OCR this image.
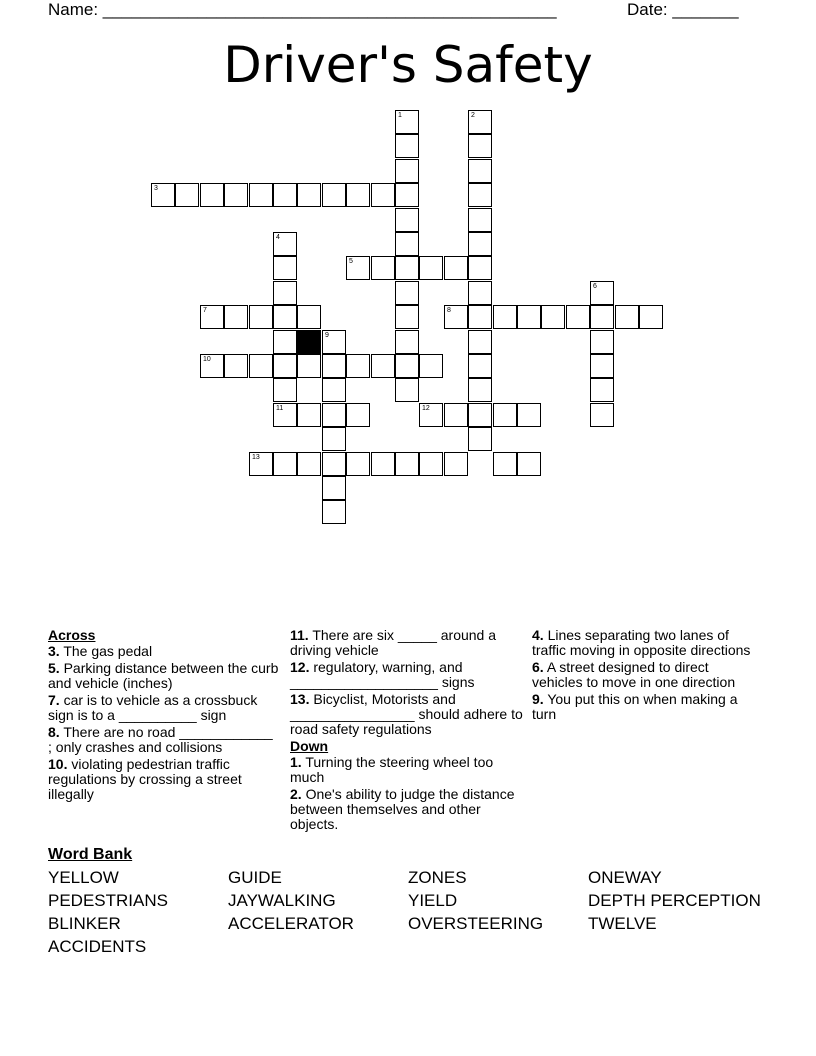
Name: ________________________________________________	Date: _______
Driver's Safety
1	2
3
4
5
6
7	8
9
10
11	12
13
Across
3. The gas pedal
5. Parking distance between the curb and vehicle (inches)
7. car is to vehicle as a crossbuck sign is to a __________ sign
8. There are no road ____________ ; only crashes and collisions
10. violating pedestrian traffic regulations by crossing a street illegally
11. There are six _____ around a driving vehicle
12. regulatory, warning, and ___________________ signs
13. Bicyclist, Motorists and ________________ should adhere to road safety regulations
Down
1. Turning the steering wheel too much
2. One's ability to judge the distance between themselves and other objects.
4. Lines separating two lanes of traffic moving in opposite directions
6. A street designed to direct vehicles to move in one direction
9. You put this on when making a turn
Word Bank
YELLOW	GUIDE	ZONES	ONEWAY
PEDESTRIANS	JAYWALKING	YIELD	DEPTH PERCEPTION
BLINKER	ACCELERATOR	OVERSTEERING	TWELVE
ACCIDENTS
